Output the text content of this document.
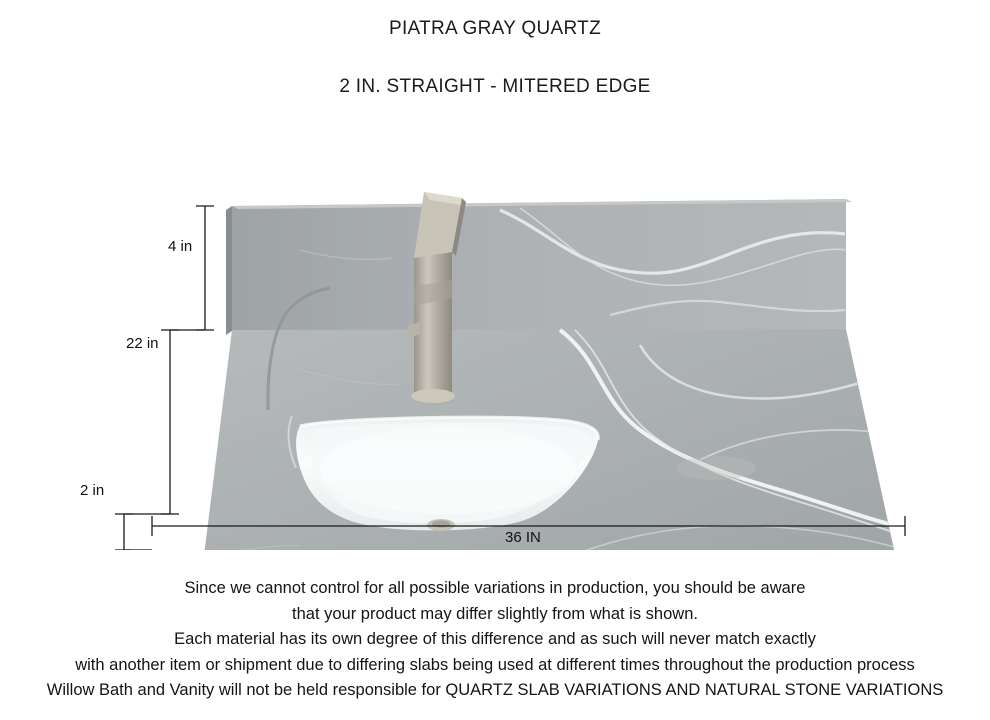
PIATRA GRAY QUARTZ
2 IN. STRAIGHT - MITERED EDGE
4 in
22 in
2 in
36 IN
Since we cannot control for all possible variations in production, you should be aware
that your product may differ slightly from what is shown.
Each material has its own degree of this difference and as such will never match exactly
with another item or shipment due to differing slabs being used at different times throughout the production process
Willow Bath and Vanity will not be held responsible for QUARTZ SLAB VARIATIONS AND NATURAL STONE VARIATIONS
